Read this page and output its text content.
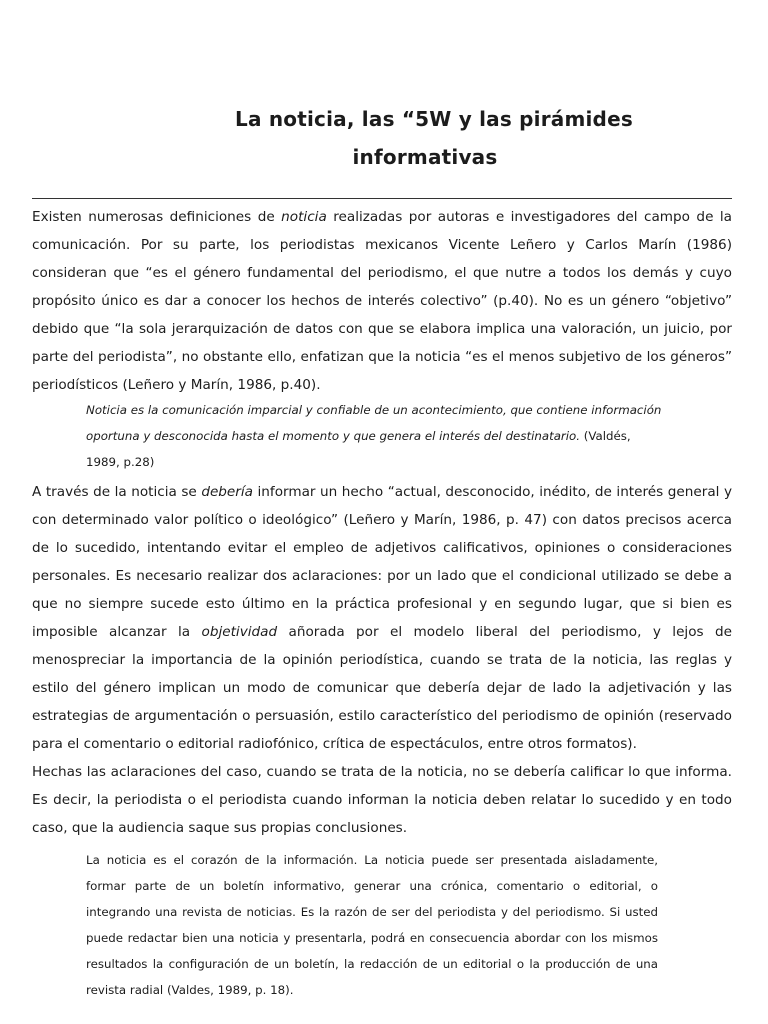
La noticia, las “5W y las pirámides
informativas
Existen numerosas definiciones de noticia realizadas por autoras e investigadores del campo de la comunicación. Por su parte, los periodistas mexicanos Vicente Leñero y Carlos Marín (1986) consideran que “es el género fundamental del periodismo, el que nutre a todos los demás y cuyo propósito único es dar a conocer los hechos de interés colectivo” (p.40). No es un género “objetivo” debido que “la sola jerarquización de datos con que se elabora implica una valoración, un juicio, por parte del periodista”, no obstante ello, enfatizan que la noticia “es el menos subjetivo de los géneros” periodísticos (Leñero y Marín, 1986, p.40).
Noticia es la comunicación imparcial y confiable de un acontecimiento, que contiene información oportuna y desconocida hasta el momento y que genera el interés del destinatario. (Valdés, 1989, p.28)
A través de la noticia se debería informar un hecho “actual, desconocido, inédito, de interés general y con determinado valor político o ideológico” (Leñero y Marín, 1986, p. 47) con datos precisos acerca de lo sucedido, intentando evitar el empleo de adjetivos calificativos, opiniones o consideraciones personales. Es necesario realizar dos aclaraciones: por un lado que el condicional utilizado se debe a que no siempre sucede esto último en la práctica profesional y en segundo lugar, que si bien es imposible alcanzar la objetividad añorada por el modelo liberal del periodismo, y lejos de menospreciar la importancia de la opinión periodística, cuando se trata de la noticia, las reglas y estilo del género implican un modo de comunicar que debería dejar de lado la adjetivación y las estrategias de argumentación o persuasión, estilo característico del periodismo de opinión (reservado para el comentario o editorial radiofónico, crítica de espectáculos, entre otros formatos).
Hechas las aclaraciones del caso, cuando se trata de la noticia, no se debería calificar lo que informa. Es decir, la periodista o el periodista cuando informan la noticia deben relatar lo sucedido y en todo caso, que la audiencia saque sus propias conclusiones.
La noticia es el corazón de la información. La noticia puede ser presentada aisladamente, formar parte de un boletín informativo, generar una crónica, comentario o editorial, o integrando una revista de noticias. Es la razón de ser del periodista y del periodismo. Si usted puede redactar bien una noticia y presentarla, podrá en consecuencia abordar con los mismos resultados la configuración de un boletín, la redacción de un editorial o la producción de una revista radial (Valdes, 1989, p. 18).
